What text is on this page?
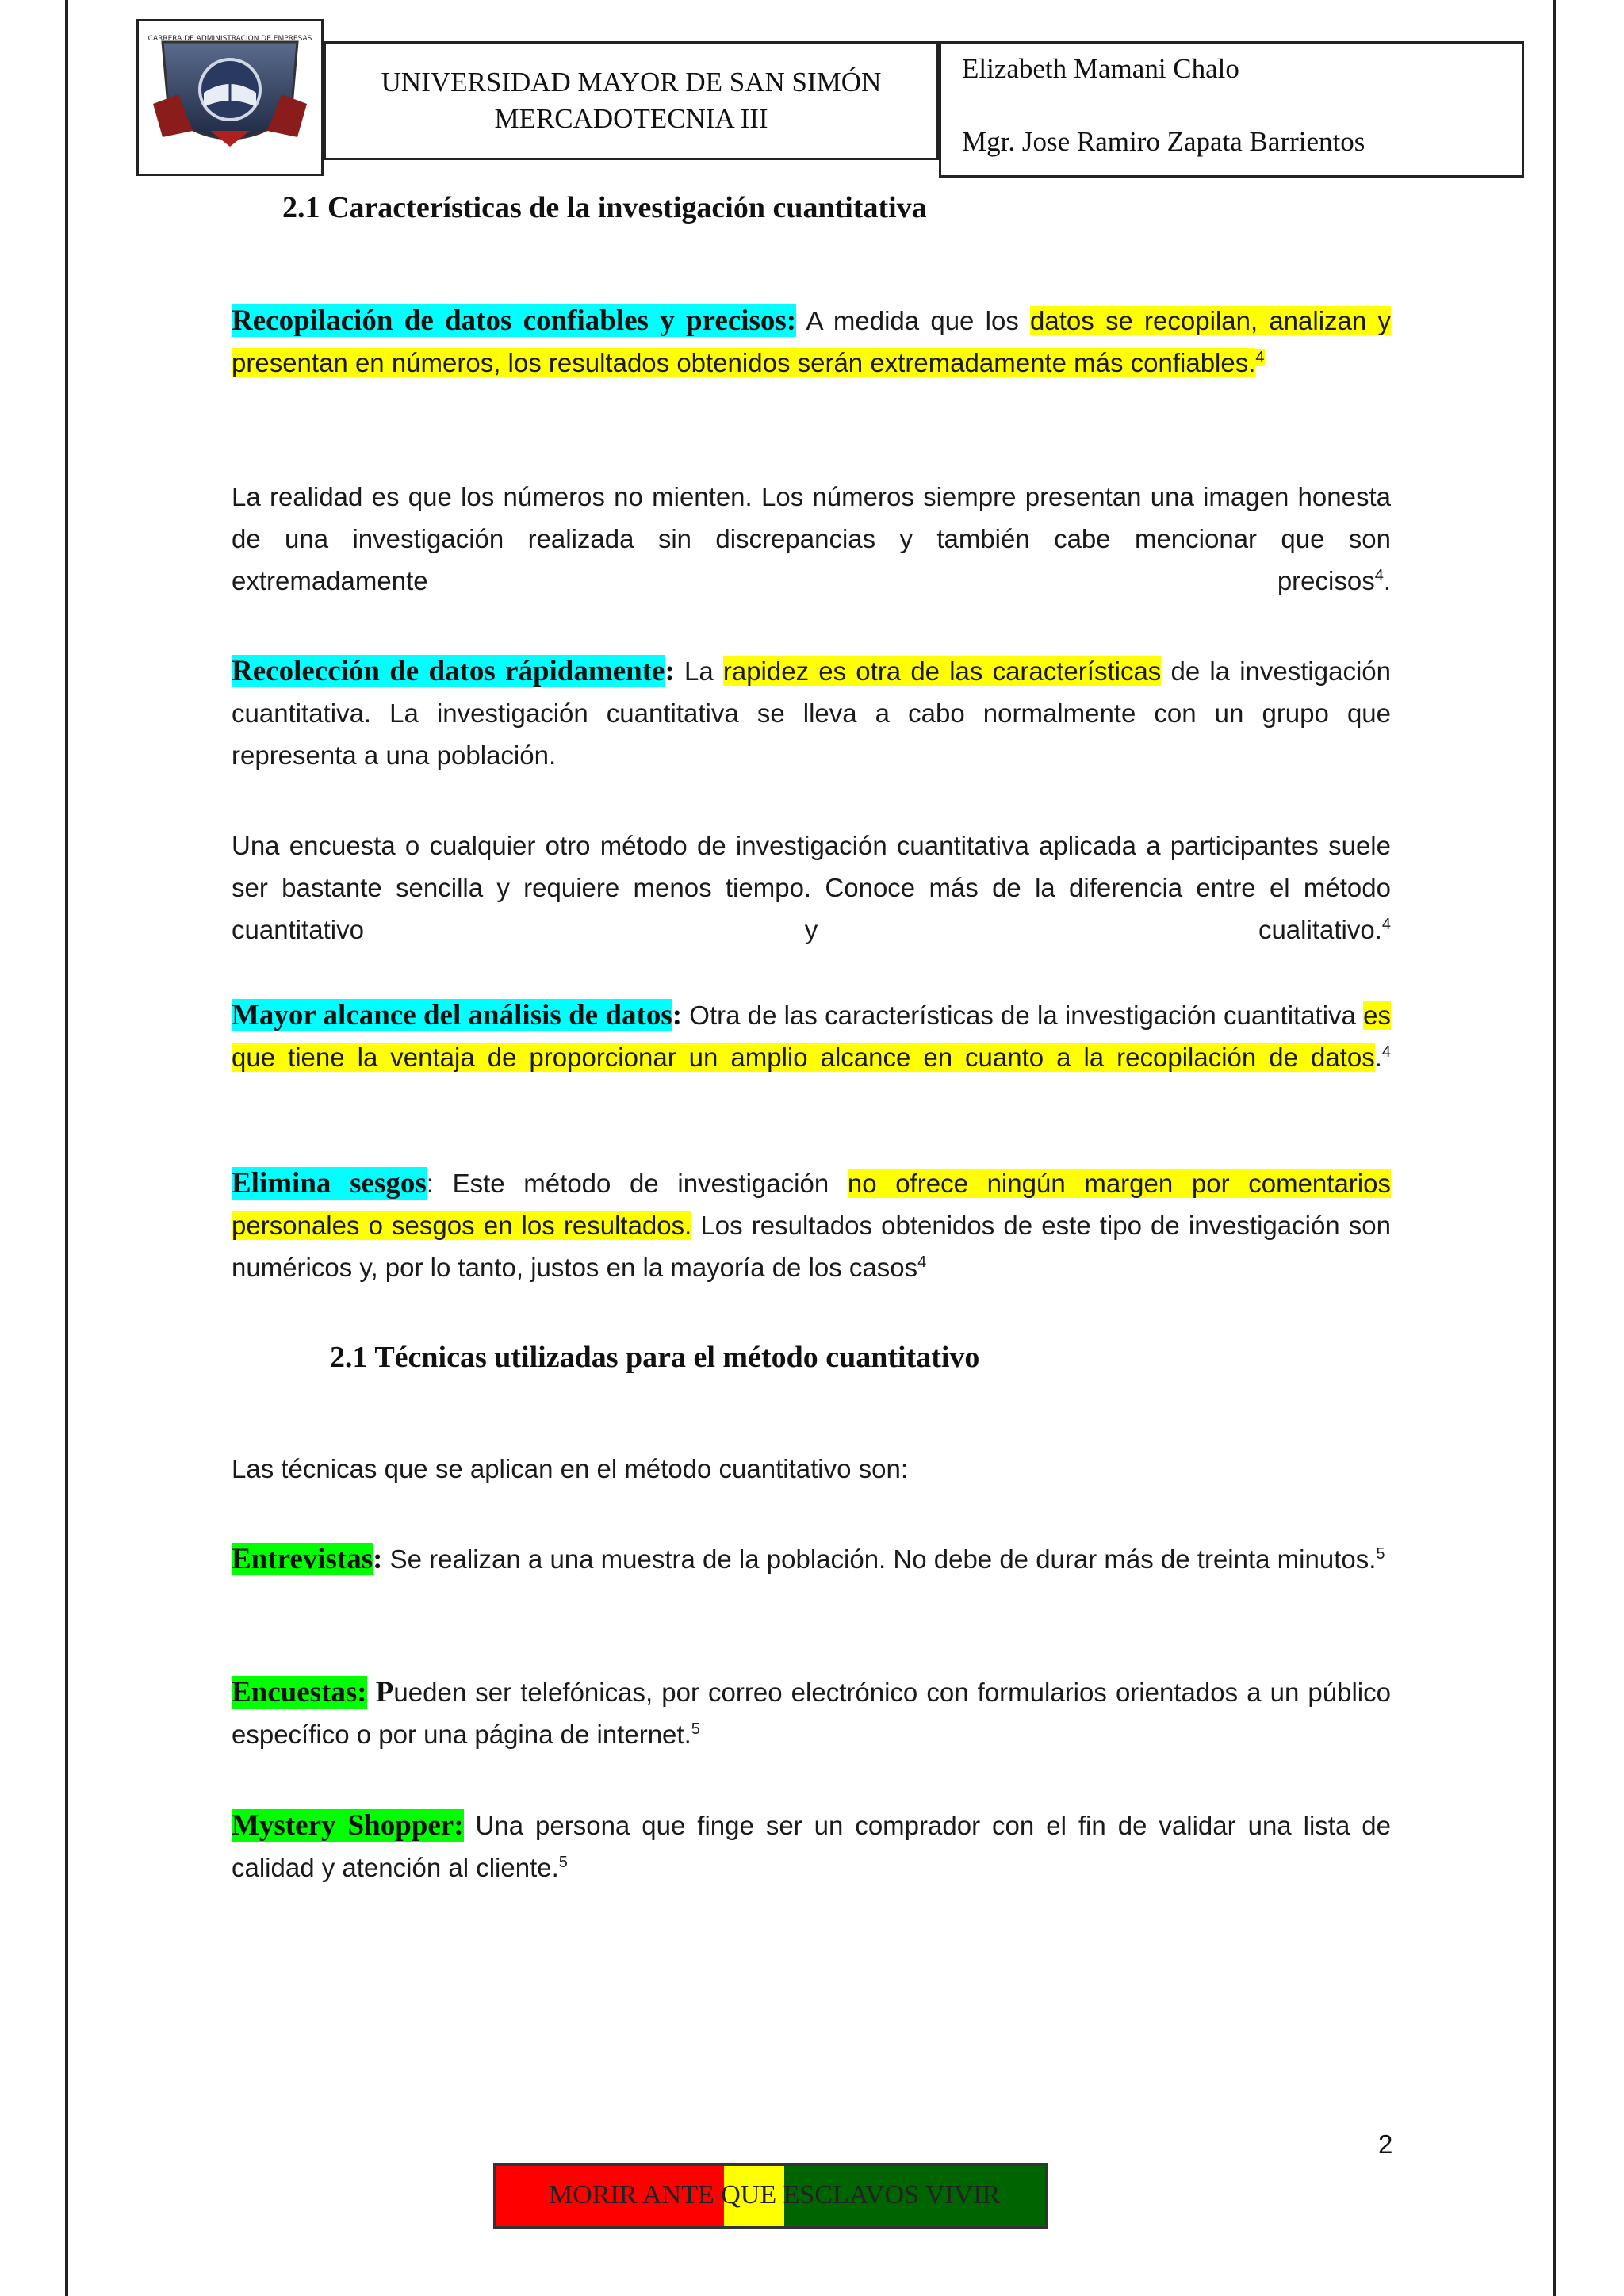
CARRERA DE ADMINISTRACIÓN DE EMPRESAS
UNIVERSIDAD MAYOR DE SAN SIMÓN
MERCADOTECNIA III
Elizabeth Mamani Chalo
Mgr. Jose Ramiro Zapata Barrientos
2.1 Características de la investigación cuantitativa
Recopilación de datos confiables y precisos: A medida que los datos se recopilan, analizan y presentan en números, los resultados obtenidos serán extremadamente más confiables.$^4$
La realidad es que los números no mienten. Los números siempre presentan una imagen honesta de una investigación realizada sin discrepancias y también cabe mencionar que son extremadamente precisos$^4$.
Recolección de datos rápidamente: La rapidez es otra de las características de la investigación cuantitativa. La investigación cuantitativa se lleva a cabo normalmente con un grupo que representa a una población.
Una encuesta o cualquier otro método de investigación cuantitativa aplicada a participantes suele ser bastante sencilla y requiere menos tiempo. Conoce más de la diferencia entre el método cuantitativo y cualitativo.$^4$
Mayor alcance del análisis de datos: Otra de las características de la investigación cuantitativa es que tiene la ventaja de proporcionar un amplio alcance en cuanto a la recopilación de datos.$^4$
Elimina sesgos: Este método de investigación no ofrece ningún margen por comentarios personales o sesgos en los resultados. Los resultados obtenidos de este tipo de investigación son numéricos y, por lo tanto, justos en la mayoría de los casos$^4$
2.1 Técnicas utilizadas para el método cuantitativo
Las técnicas que se aplican en el método cuantitativo son:
Entrevistas: Se realizan a una muestra de la población. No debe de durar más de treinta minutos.$^5$
Encuestas: Pueden ser telefónicas, por correo electrónico con formularios orientados a un público específico o por una página de internet.$^5$
Mystery Shopper: Una persona que finge ser un comprador con el fin de validar una lista de calidad y atención al cliente.$^5$
2
MORIR ANTE QUE ESCLAVOS VIVIR
